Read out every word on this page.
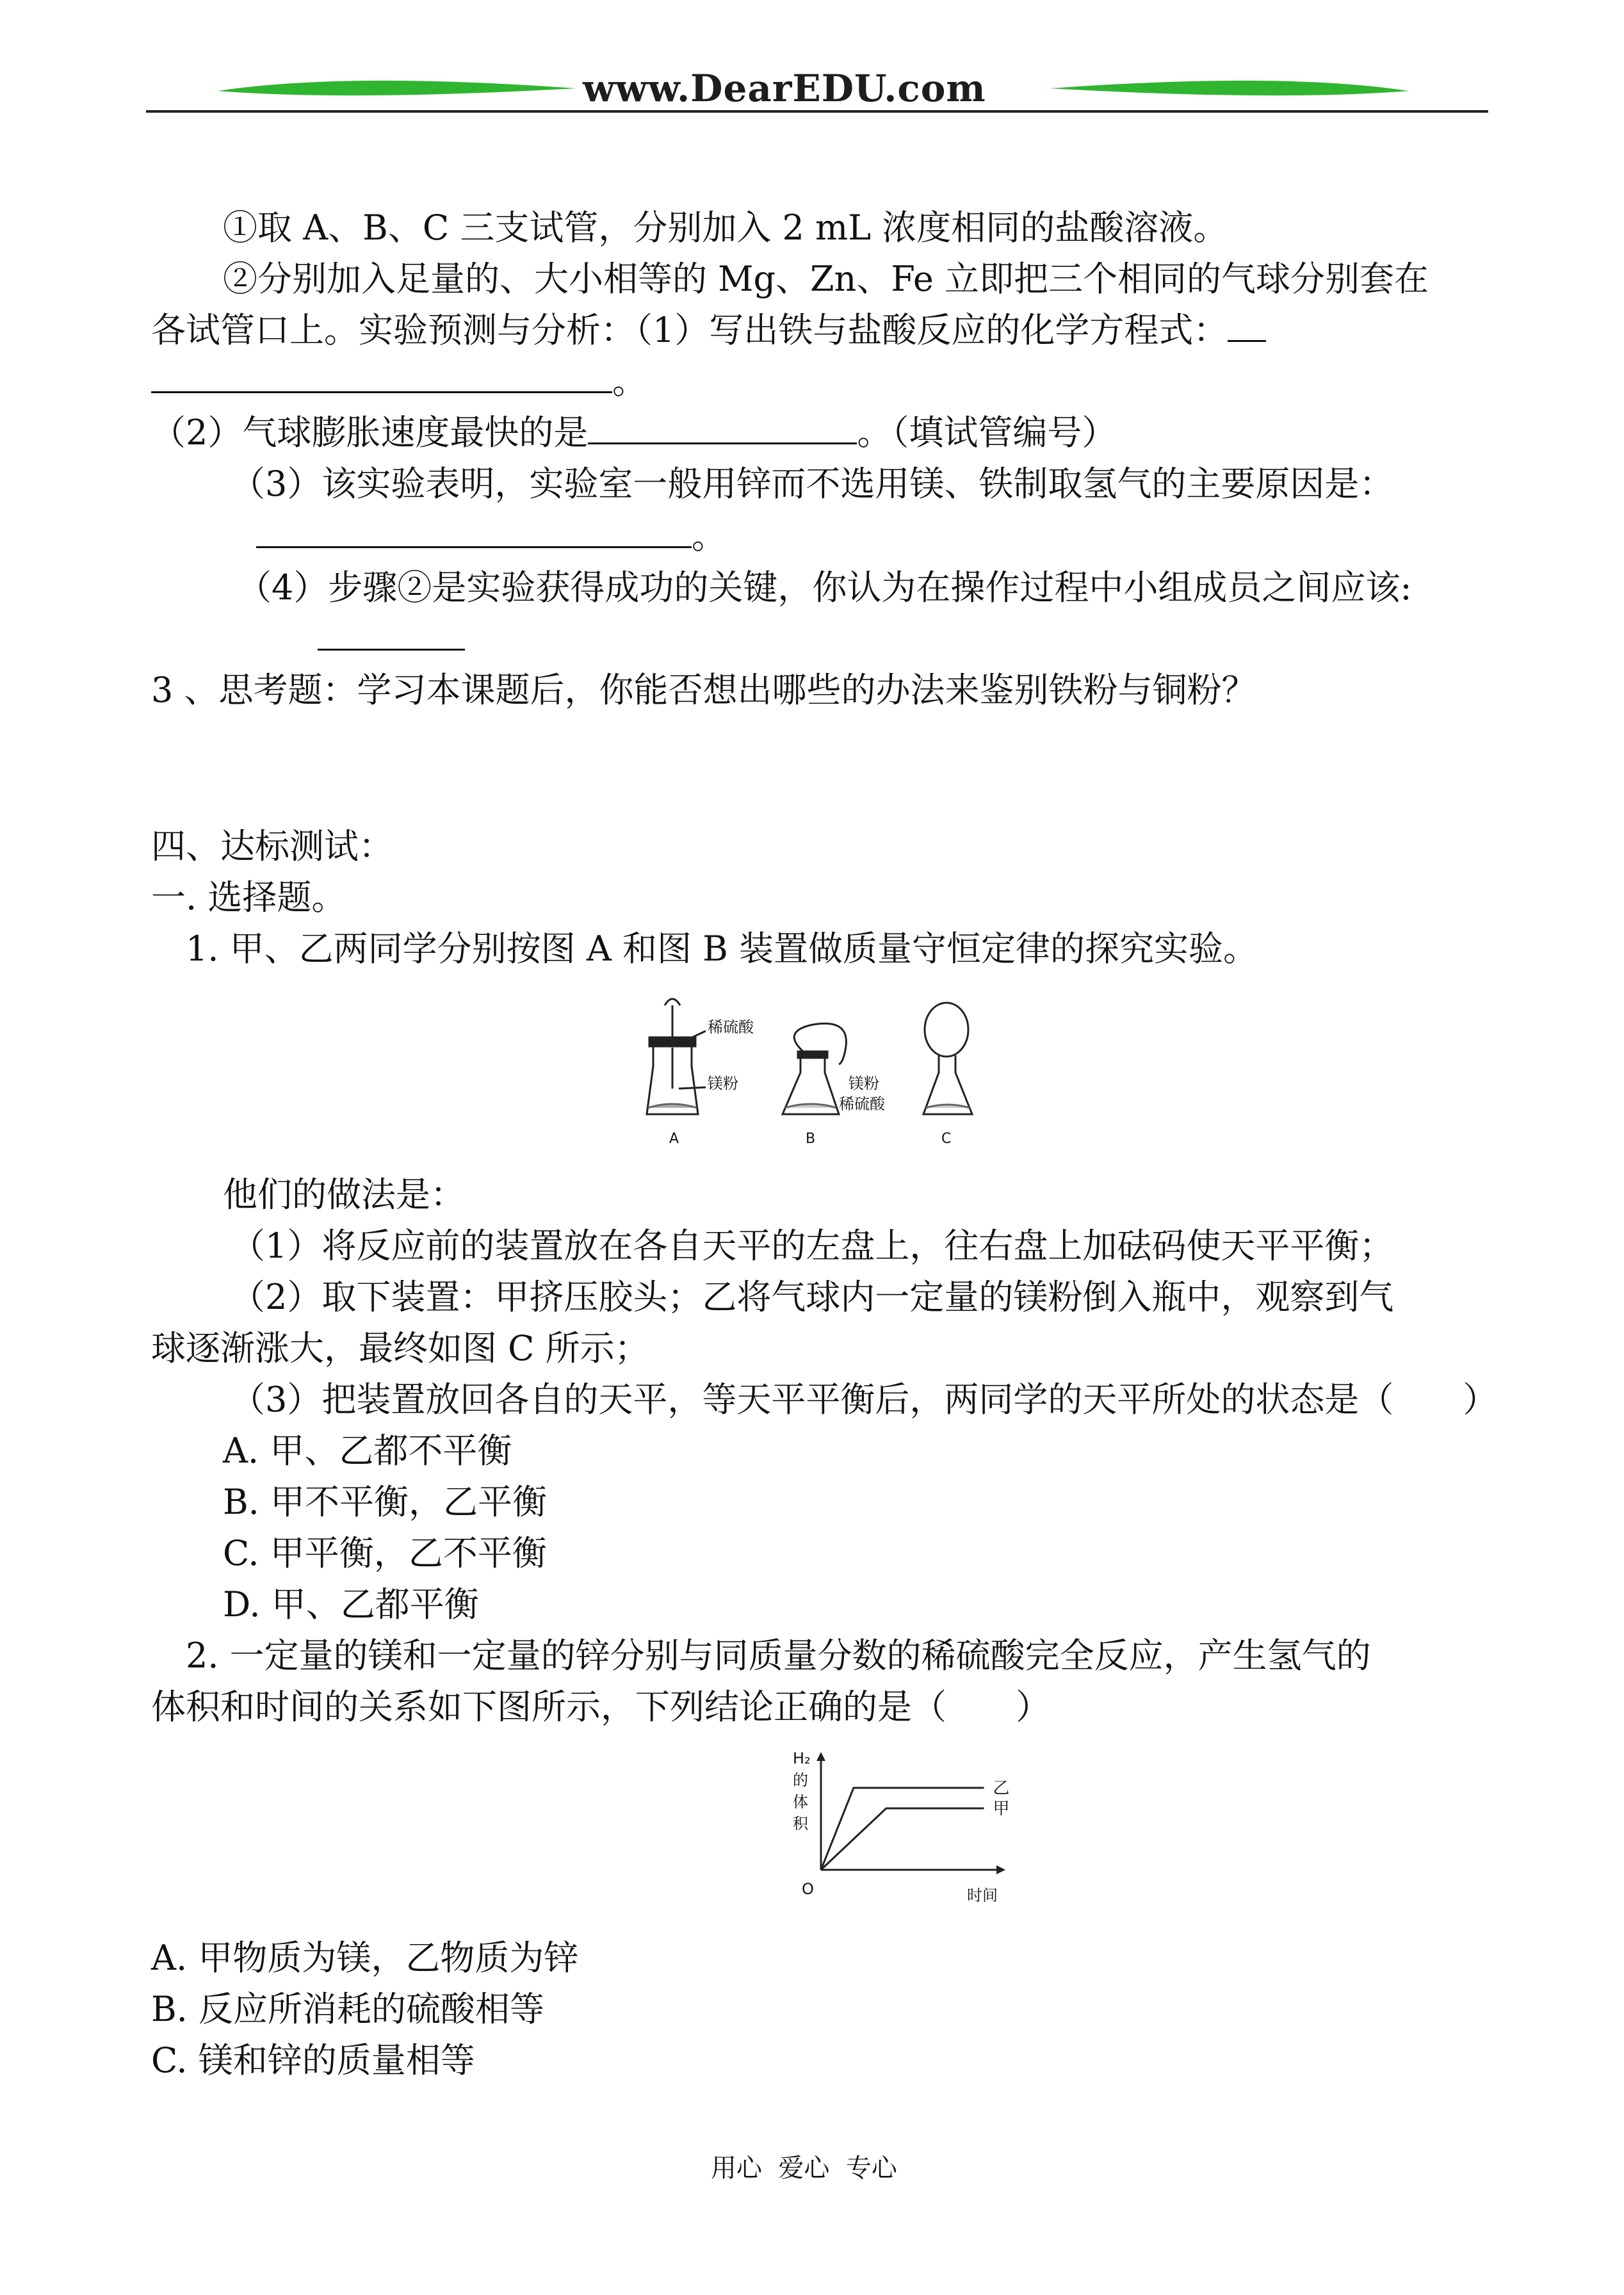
www.DearEDU.com
①取 A、B、C 三支试管，分别加入 2 mL 浓度相同的盐酸溶液。
②分别加入足量的、大小相等的 Mg、Zn、Fe 立即把三个相同的气球分别套在
各试管口上。实验预测与分析：（1）写出铁与盐酸反应的化学方程式：
。
（2）气球膨胀速度最快的是	。（填试管编号）
（3）该实验表明，实验室一般用锌而不选用镁、铁制取氢气的主要原因是：
。
（4）步骤②是实验获得成功的关键，你认为在操作过程中小组成员之间应该:
3 、思考题：学习本课题后，你能否想出哪些的办法来鉴别铁粉与铜粉？
四、达标测试：
一. 选择题。
1. 甲、乙两同学分别按图 A 和图 B 装置做质量守恒定律的探究实验。
稀硫酸
镁粉
A
镁粉
稀硫酸
B	C
他们的做法是：
（1）将反应前的装置放在各自天平的左盘上，往右盘上加砝码使天平平衡；
（2）取下装置：甲挤压胶头；乙将气球内一定量的镁粉倒入瓶中，观察到气
球逐渐涨大，最终如图 C 所示；
（3）把装置放回各自的天平，等天平平衡后，两同学的天平所处的状态是（　　）
A. 甲、乙都不平衡
B. 甲不平衡，乙平衡
C. 甲平衡，乙不平衡
D. 甲、乙都平衡
2. 一定量的镁和一定量的锌分别与同质量分数的稀硫酸完全反应，产生氢气的
体积和时间的关系如下图所示，下列结论正确的是（　　）
H₂
的
体
积
乙
甲
O	时间
A. 甲物质为镁，乙物质为锌
B. 反应所消耗的硫酸相等
C. 镁和锌的质量相等
用心  爱心  专心
